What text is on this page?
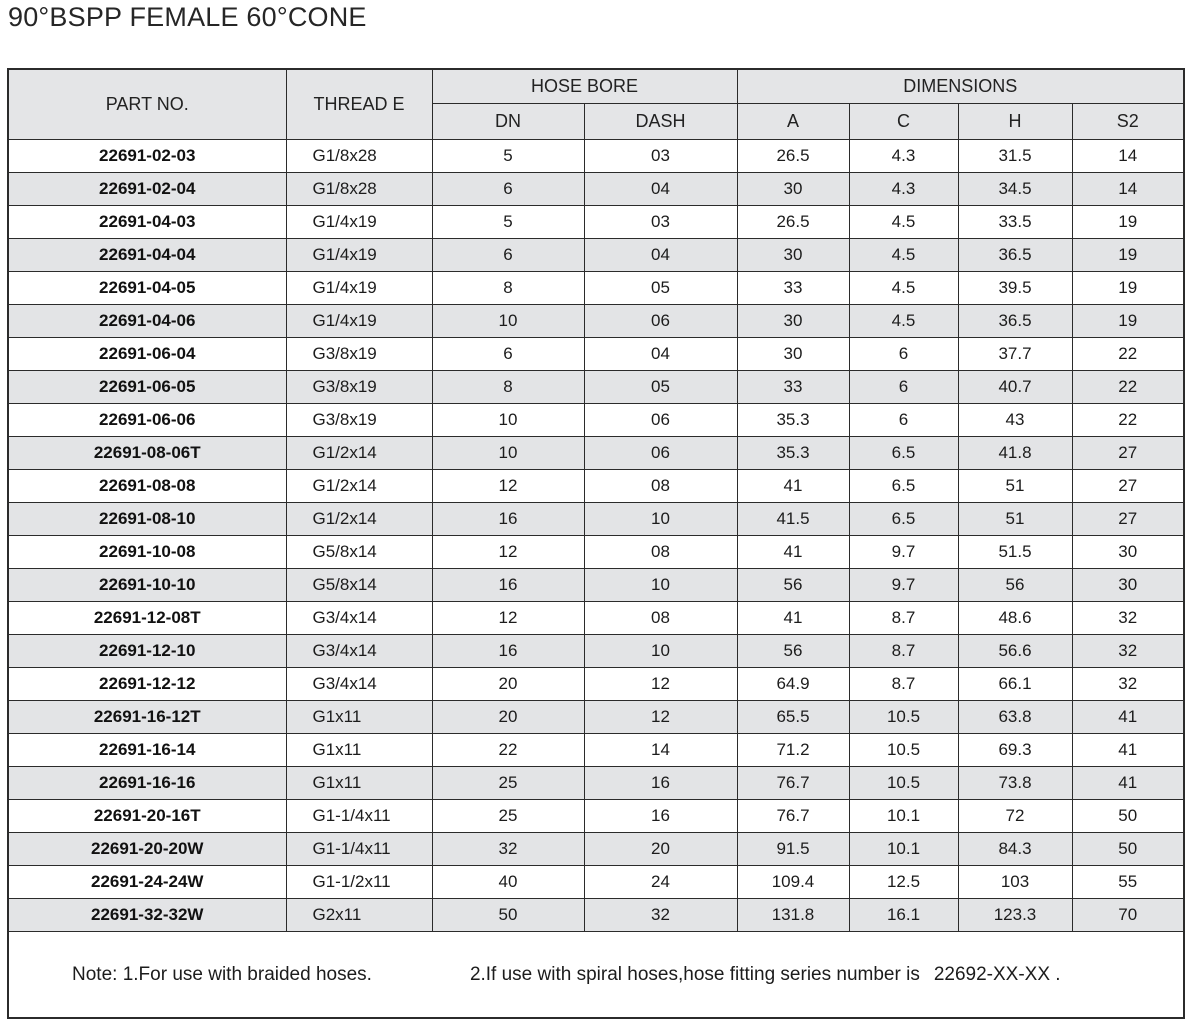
90°BSPP FEMALE 60°CONE
PART NO.	THREAD E	HOSE BORE		DIMENSIONS			
		DN	DASH	A	C	H	S2
22691-02-03	G1/8x28	5	03	26.5	4.3	31.5	14
22691-02-04	G1/8x28	6	04	30	4.3	34.5	14
22691-04-03	G1/4x19	5	03	26.5	4.5	33.5	19
22691-04-04	G1/4x19	6	04	30	4.5	36.5	19
22691-04-05	G1/4x19	8	05	33	4.5	39.5	19
22691-04-06	G1/4x19	10	06	30	4.5	36.5	19
22691-06-04	G3/8x19	6	04	30	6	37.7	22
22691-06-05	G3/8x19	8	05	33	6	40.7	22
22691-06-06	G3/8x19	10	06	35.3	6	43	22
22691-08-06T	G1/2x14	10	06	35.3	6.5	41.8	27
22691-08-08	G1/2x14	12	08	41	6.5	51	27
22691-08-10	G1/2x14	16	10	41.5	6.5	51	27
22691-10-08	G5/8x14	12	08	41	9.7	51.5	30
22691-10-10	G5/8x14	16	10	56	9.7	56	30
22691-12-08T	G3/4x14	12	08	41	8.7	48.6	32
22691-12-10	G3/4x14	16	10	56	8.7	56.6	32
22691-12-12	G3/4x14	20	12	64.9	8.7	66.1	32
22691-16-12T	G1x11	20	12	65.5	10.5	63.8	41
22691-16-14	G1x11	22	14	71.2	10.5	69.3	41
22691-16-16	G1x11	25	16	76.7	10.5	73.8	41
22691-20-16T	G1-1/4x11	25	16	76.7	10.1	72	50
22691-20-20W	G1-1/4x11	32	20	91.5	10.1	84.3	50
22691-24-24W	G1-1/2x11	40	24	109.4	12.5	103	55
22691-32-32W	G2x11	50	32	131.8	16.1	123.3	70
Note: 1.For use with braided hoses. 2.If use with spiral hoses,hose fitting series number is 22692-XX-XX .							
